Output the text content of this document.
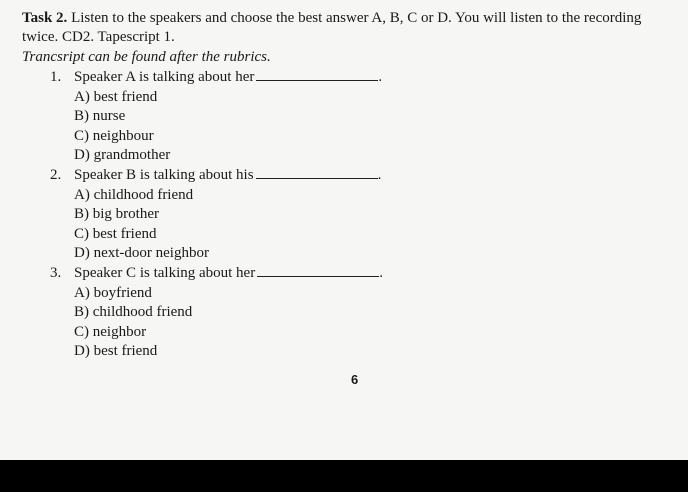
Task 2. Listen to the speakers and choose the best answer A, B, C or D. You will listen to the recording twice. CD2. Tapescript 1.
Trancsript can be found after the rubrics.
1. Speaker A is talking about her	.
A) best friend
B) nurse
C) neighbour
D) grandmother
2. Speaker B is talking about his	.
A) childhood friend
B) big brother
C) best friend
D) next-door neighbor
3. Speaker C is talking about her	.
A) boyfriend
B) childhood friend
C) neighbor
D) best friend
6
